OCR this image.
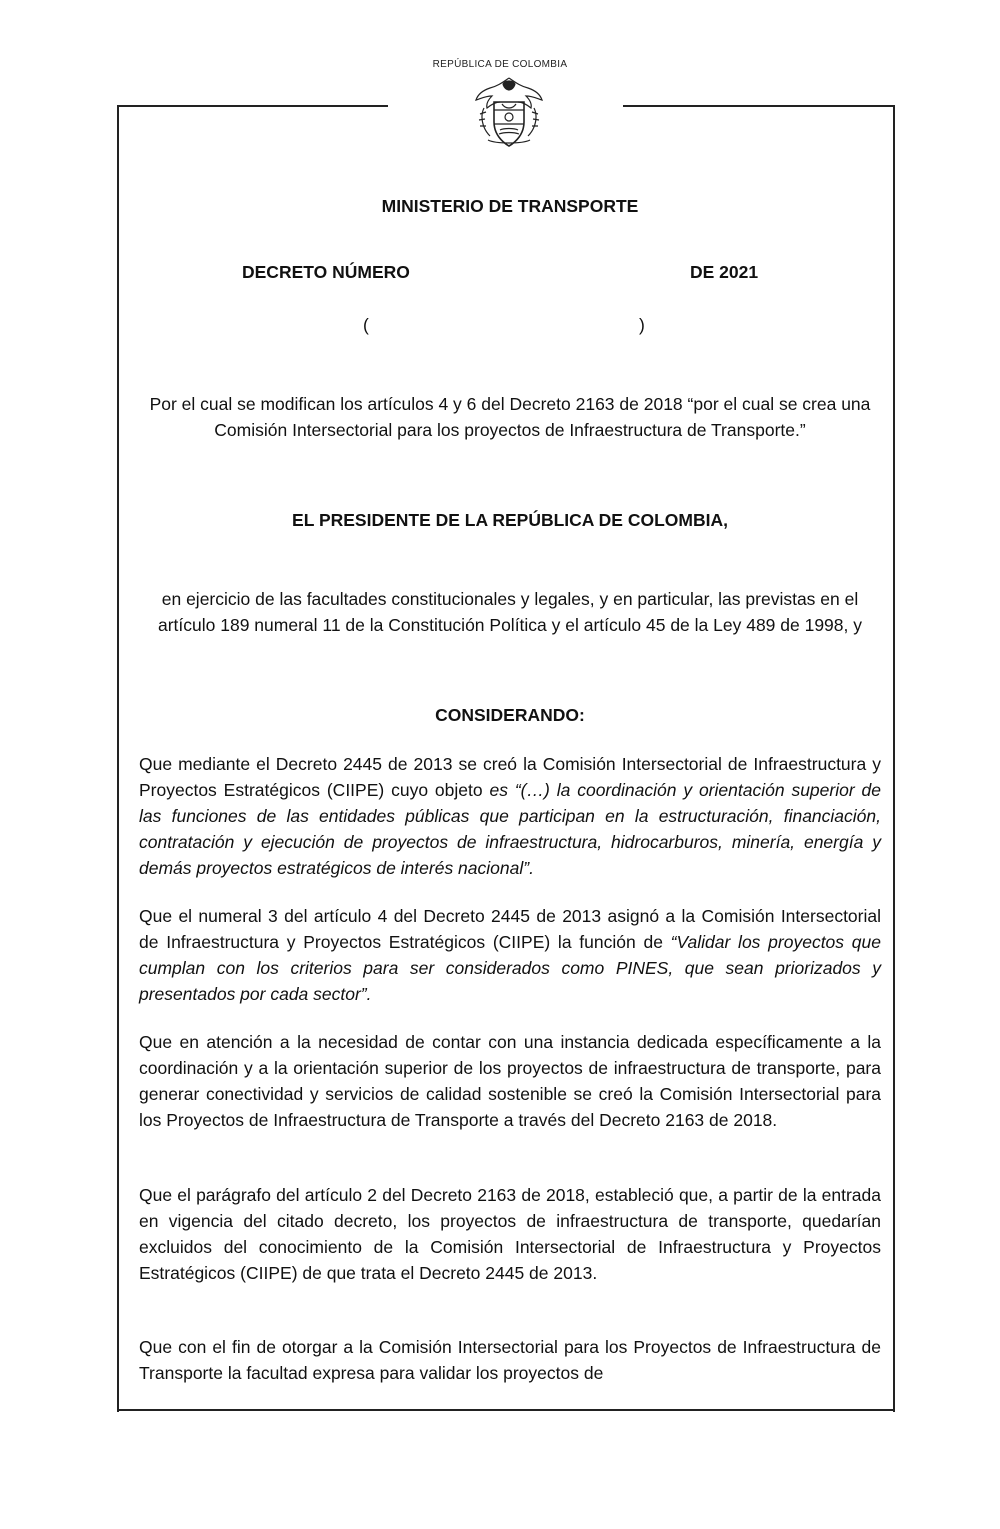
REPÚBLICA DE COLOMBIA
MINISTERIO DE TRANSPORTE
DECRETO NÚMERO	DE 2021
(	)
Por el cual se modifican los artículos 4 y 6 del Decreto 2163 de 2018 “por el cual se crea una Comisión Intersectorial para los proyectos de Infraestructura de Transporte.”
EL PRESIDENTE DE LA REPÚBLICA DE COLOMBIA,
en ejercicio de las facultades constitucionales y legales, y en particular, las previstas en el artículo 189 numeral 11 de la Constitución Política y el artículo 45 de la Ley 489 de 1998, y
CONSIDERANDO:
Que mediante el Decreto 2445 de 2013 se creó la Comisión Intersectorial de Infraestructura y Proyectos Estratégicos (CIIPE) cuyo objeto es “(…) la coordinación y orientación superior de las funciones de las entidades públicas que participan en la estructuración, financiación, contratación y ejecución de proyectos de infraestructura, hidrocarburos, minería, energía y demás proyectos estratégicos de interés nacional”.
Que el numeral 3 del artículo 4 del Decreto 2445 de 2013 asignó a la Comisión Intersectorial de Infraestructura y Proyectos Estratégicos (CIIPE) la función de “Validar los proyectos que cumplan con los criterios para ser considerados como PINES, que sean priorizados y presentados por cada sector”.
Que en atención a la necesidad de contar con una instancia dedicada específicamente a la coordinación y a la orientación superior de los proyectos de infraestructura de transporte, para generar conectividad y servicios de calidad sostenible se creó la Comisión Intersectorial para los Proyectos de Infraestructura de Transporte a través del Decreto 2163 de 2018.
Que el parágrafo del artículo 2 del Decreto 2163 de 2018, estableció que, a partir de la entrada en vigencia del citado decreto, los proyectos de infraestructura de transporte, quedarían excluidos del conocimiento de la Comisión Intersectorial de Infraestructura y Proyectos Estratégicos (CIIPE) de que trata el Decreto 2445 de 2013.
Que con el fin de otorgar a la Comisión Intersectorial para los Proyectos de Infraestructura de Transporte la facultad expresa para validar los proyectos de
